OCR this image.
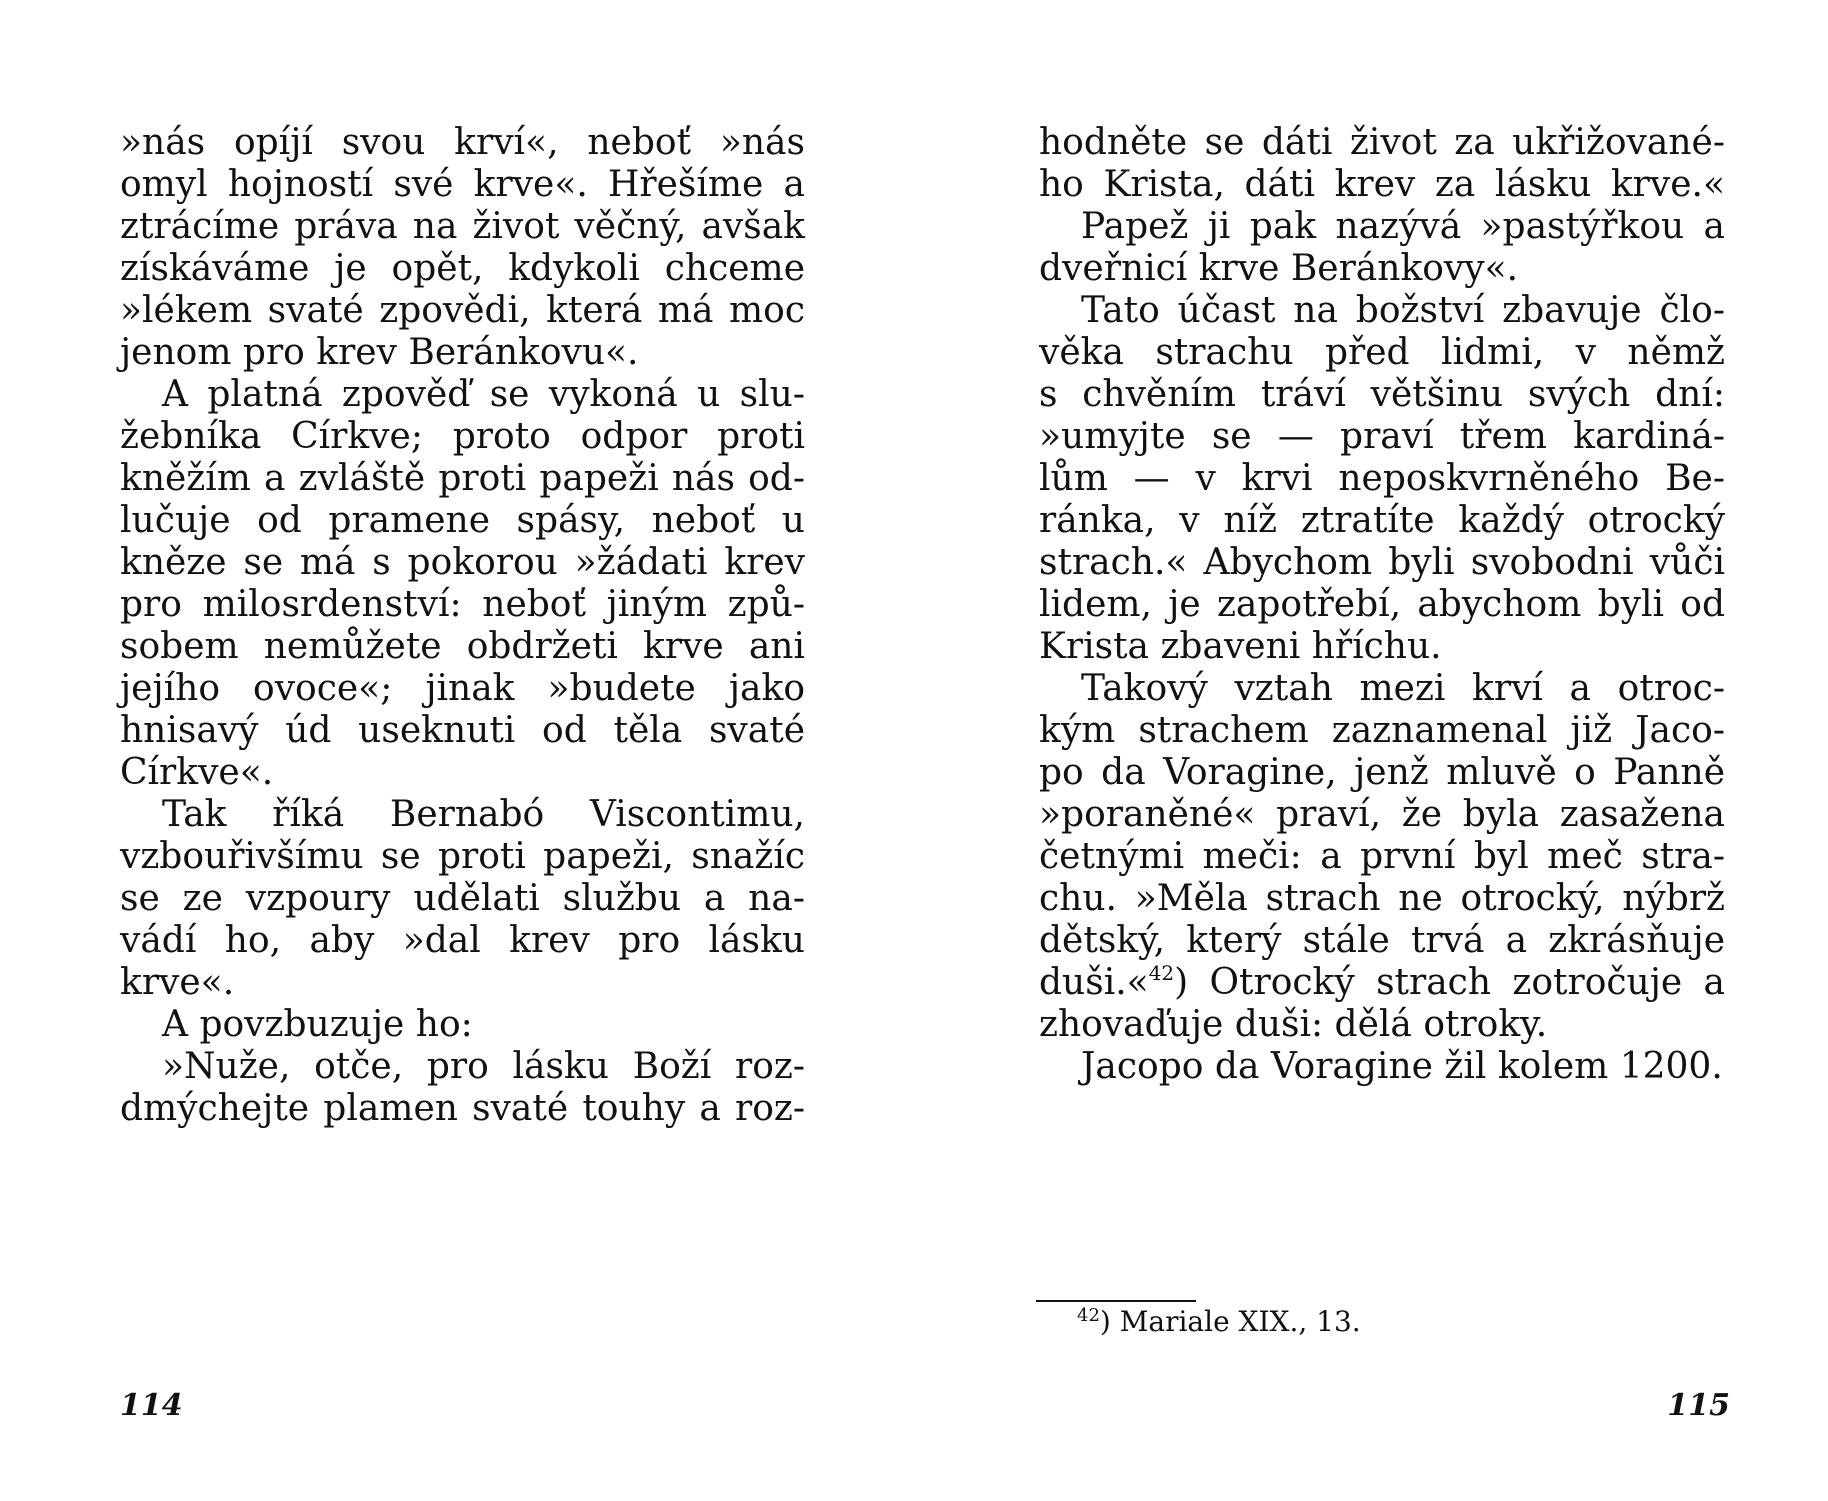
»nás opíjí svou krví«, neboť »nás
omyl hojností své krve«. Hřešíme a
ztrácíme práva na život věčný, avšak
získáváme je opět, kdykoli chceme
»lékem svaté zpovědi, která má moc
jenom pro krev Beránkovu«.
A platná zpověď se vykoná u slu-
žebníka Církve; proto odpor proti
kněžím a zvláště proti papeži nás od-
lučuje od pramene spásy, neboť u
kněze se má s pokorou »žádati krev
pro milosrdenství: neboť jiným způ-
sobem nemůžete obdržeti krve ani
jejího ovoce«; jinak »budete jako
hnisavý úd useknuti od těla svaté
Církve«.
Tak říká Bernabó Viscontimu,
vzbouřivšímu se proti papeži, snažíc
se ze vzpoury udělati službu a na-
vádí ho, aby »dal krev pro lásku
krve«.
A povzbuzuje ho:
»Nuže, otče, pro lásku Boží roz-
dmýchejte plamen svaté touhy a roz-
114
hodněte se dáti život za ukřižované-
ho Krista, dáti krev za lásku krve.«
Papež ji pak nazývá »pastýřkou a
dveřnicí krve Beránkovy«.
Tato účast na božství zbavuje člo-
věka strachu před lidmi, v němž
s chvěním tráví většinu svých dní:
»umyjte se — praví třem kardiná-
lům — v krvi neposkvrněného Be-
ránka, v níž ztratíte každý otrocký
strach.« Abychom byli svobodni vůči
lidem, je zapotřebí, abychom byli od
Krista zbaveni hříchu.
Takový vztah mezi krví a otroc-
kým strachem zaznamenal již Jaco-
po da Voragine, jenž mluvě o Panně
»poraněné« praví, že byla zasažena
četnými meči: a první byl meč stra-
chu. »Měla strach ne otrocký, nýbrž
dětský, který stále trvá a zkrásňuje
duši.«$^{42}$) Otrocký strach zotročuje a
zhovaďuje duši: dělá otroky.
Jacopo da Voragine žil kolem 1200.
$^{42}$) Mariale XIX., 13.
115
